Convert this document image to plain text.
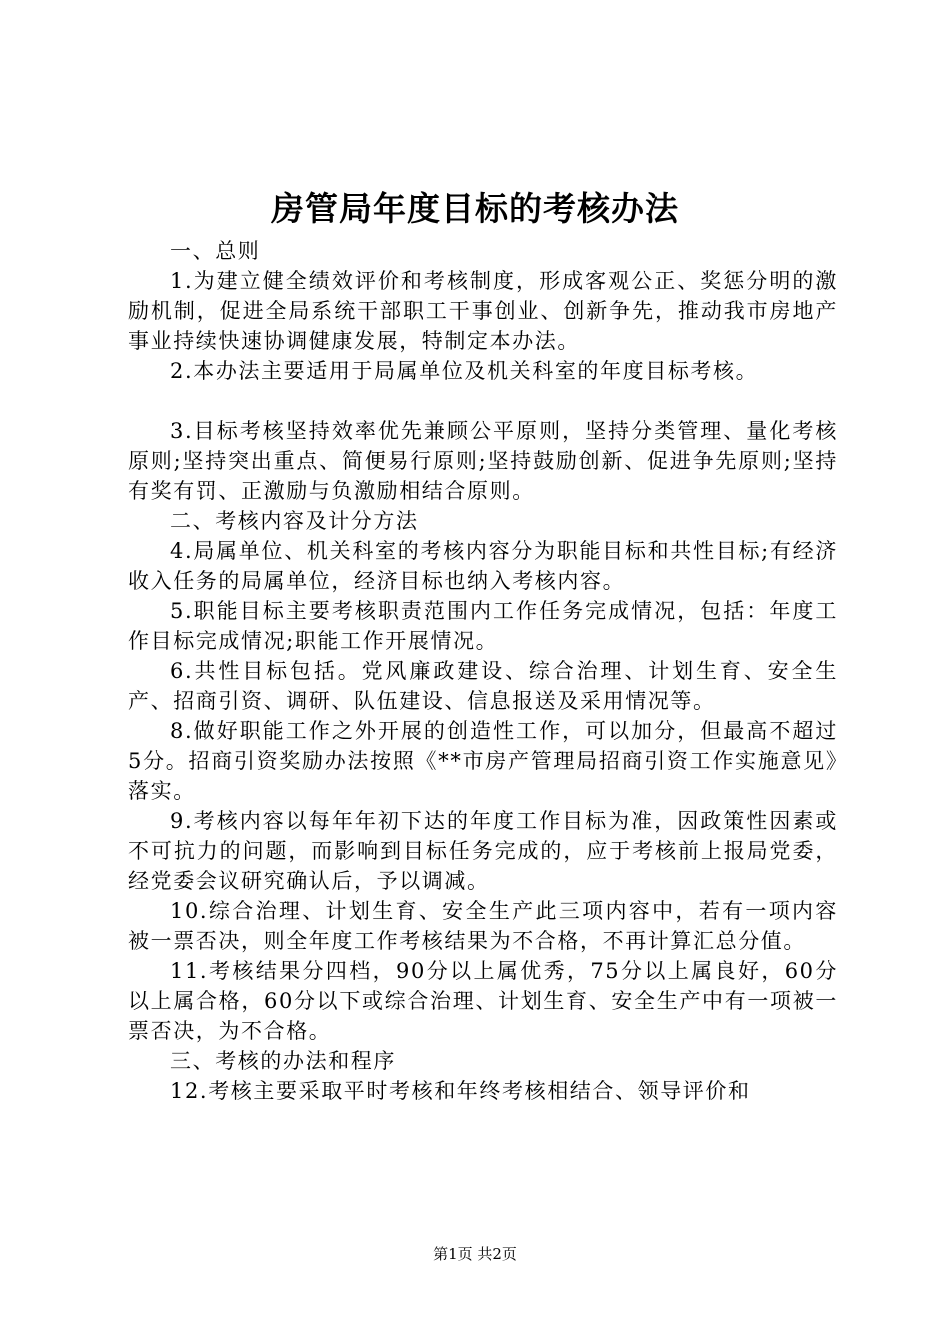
房管局年度目标的考核办法

一、总则

1.为建立健全绩效评价和考核制度，形成客观公正、奖惩分明的激励机制，促进全局系统干部职工干事创业、创新争先，推动我市房地产事业持续快速协调健康发展，特制定本办法。

2.本办法主要适用于局属单位及机关科室的年度目标考核。

3.目标考核坚持效率优先兼顾公平原则，坚持分类管理、量化考核原则;坚持突出重点、简便易行原则;坚持鼓励创新、促进争先原则;坚持有奖有罚、正激励与负激励相结合原则。

二、考核内容及计分方法

4.局属单位、机关科室的考核内容分为职能目标和共性目标;有经济收入任务的局属单位，经济目标也纳入考核内容。

5.职能目标主要考核职责范围内工作任务完成情况，包括：年度工作目标完成情况;职能工作开展情况。

6.共性目标包括。党风廉政建设、综合治理、计划生育、安全生产、招商引资、调研、队伍建设、信息报送及采用情况等。

8.做好职能工作之外开展的创造性工作，可以加分，但最高不超过5分。招商引资奖励办法按照《**市房产管理局招商引资工作实施意见》落实。

9.考核内容以每年年初下达的年度工作目标为准，因政策性因素或不可抗力的问题，而影响到目标任务完成的，应于考核前上报局党委，经党委会议研究确认后，予以调减。

10.综合治理、计划生育、安全生产此三项内容中，若有一项内容被一票否决，则全年度工作考核结果为不合格，不再计算汇总分值。

11.考核结果分四档，90分以上属优秀，75分以上属良好，60分以上属合格，60分以下或综合治理、计划生育、安全生产中有一项被一票否决，为不合格。

三、考核的办法和程序

12.考核主要采取平时考核和年终考核相结合、领导评价和

第1页 共2页
